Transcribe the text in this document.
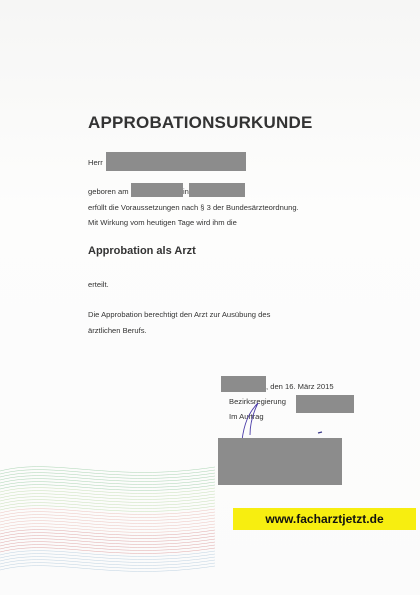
APPROBATIONSURKUNDE
Herr
geboren am	in
erfüllt die Voraussetzungen nach § 3 der Bundesärzteordnung.
Mit Wirkung vom heutigen Tage wird ihm die
Approbation als Arzt
erteilt.
Die Approbation berechtigt den Arzt zur Ausübung des
ärztlichen Berufs.
, den 16. März 2015
Bezirksregierung
Im Auftrag
www.facharztjetzt.de
